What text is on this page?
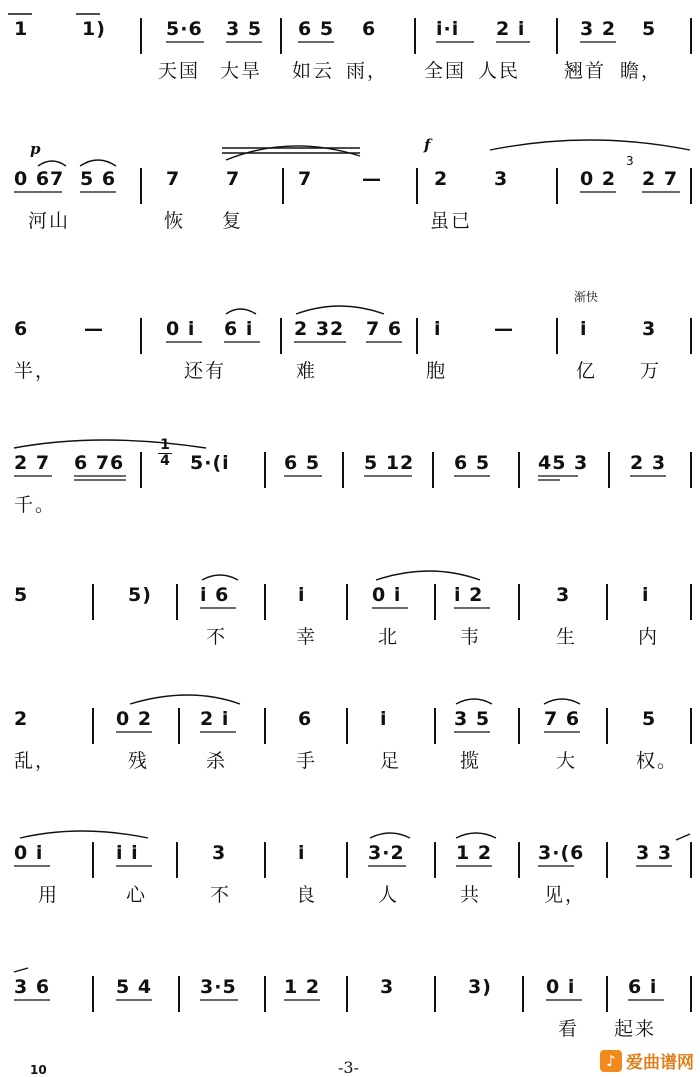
1	1)	5·6 3 5 6 5 6	i·i 2 i	3 2 5
天国 大旱 如云 雨， 全国 人民 翘首 瞻，
p	f
3
0 67 5 6	7 7	7	—	2 3	0 2 2 7
河山	恢 复	虽已
渐快
6	—	0 i 6 i 2 32 7 6 i	—	i	3
半，	还有	难	胞	亿 万
2 7 6 76
1
4 5·(i	6 5 5 12 6 5	45 3 2 3
千。
5	5)	i 6	i	0 i	i 2	3	i
不	幸	北	韦	生	内
2	0 2	2 i	6	i	3 5	7 6	5
乱，	残	杀	手	足	揽	大	权。
0 i	i i	3	i	3·2	1 2 3·(6	3 3
用	心	不	良	人	共	见，
3 6	5 4	3·5 1 2	3	3)	0 i	6 i
看 起来
10	-3-	♪ 爱曲谱网
